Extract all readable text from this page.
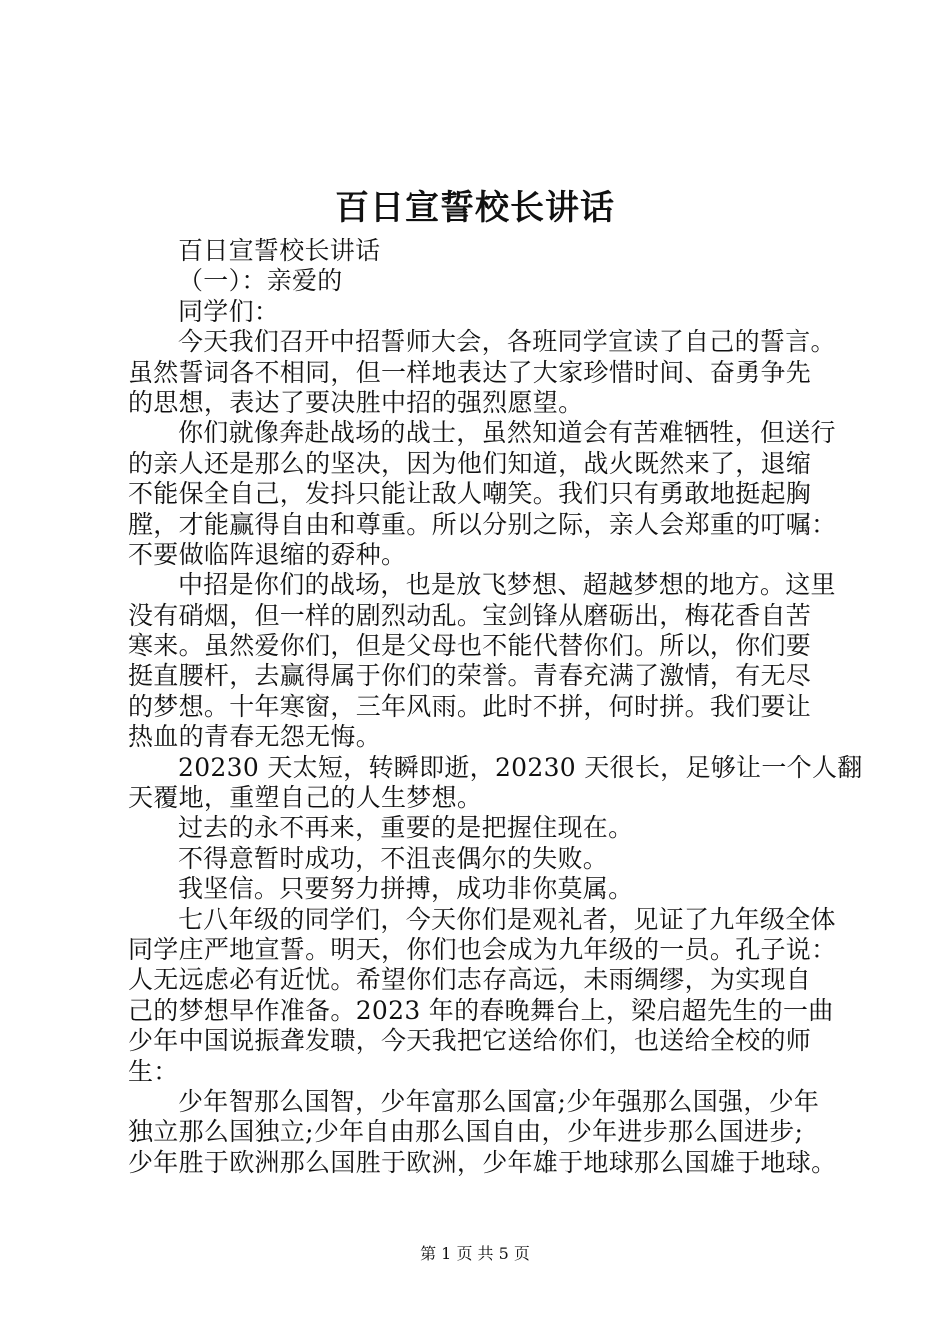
百日宣誓校长讲话
百日宣誓校长讲话
（一）：亲爱的
同学们：
今天我们召开中招誓师大会，各班同学宣读了自己的誓言。
虽然誓词各不相同，但一样地表达了大家珍惜时间、奋勇争先
的思想，表达了要决胜中招的强烈愿望。
你们就像奔赴战场的战士，虽然知道会有苦难牺牲，但送行
的亲人还是那么的坚决，因为他们知道，战火既然来了，退缩
不能保全自己，发抖只能让敌人嘲笑。我们只有勇敢地挺起胸
膛，才能赢得自由和尊重。所以分别之际，亲人会郑重的叮嘱：
不要做临阵退缩的孬种。
中招是你们的战场，也是放飞梦想、超越梦想的地方。这里
没有硝烟，但一样的剧烈动乱。宝剑锋从磨砺出，梅花香自苦
寒来。虽然爱你们，但是父母也不能代替你们。所以，你们要
挺直腰杆，去赢得属于你们的荣誉。青春充满了激情，有无尽
的梦想。十年寒窗，三年风雨。此时不拼，何时拼。我们要让
热血的青春无怨无悔。
20230 天太短，转瞬即逝，20230 天很长，足够让一个人翻
天覆地，重塑自己的人生梦想。
过去的永不再来，重要的是把握住现在。
不得意暂时成功，不沮丧偶尔的失败。
我坚信。只要努力拼搏，成功非你莫属。
七八年级的同学们，今天你们是观礼者，见证了九年级全体
同学庄严地宣誓。明天，你们也会成为九年级的一员。孔子说：
人无远虑必有近忧。希望你们志存高远，未雨绸缪，为实现自
己的梦想早作准备。2023 年的春晚舞台上，梁启超先生的一曲
少年中国说振聋发聩，今天我把它送给你们，也送给全校的师
生：
少年智那么国智，少年富那么国富;少年强那么国强，少年
独立那么国独立;少年自由那么国自由，少年进步那么国进步;
少年胜于欧洲那么国胜于欧洲，少年雄于地球那么国雄于地球。
第 1 页 共 5 页
